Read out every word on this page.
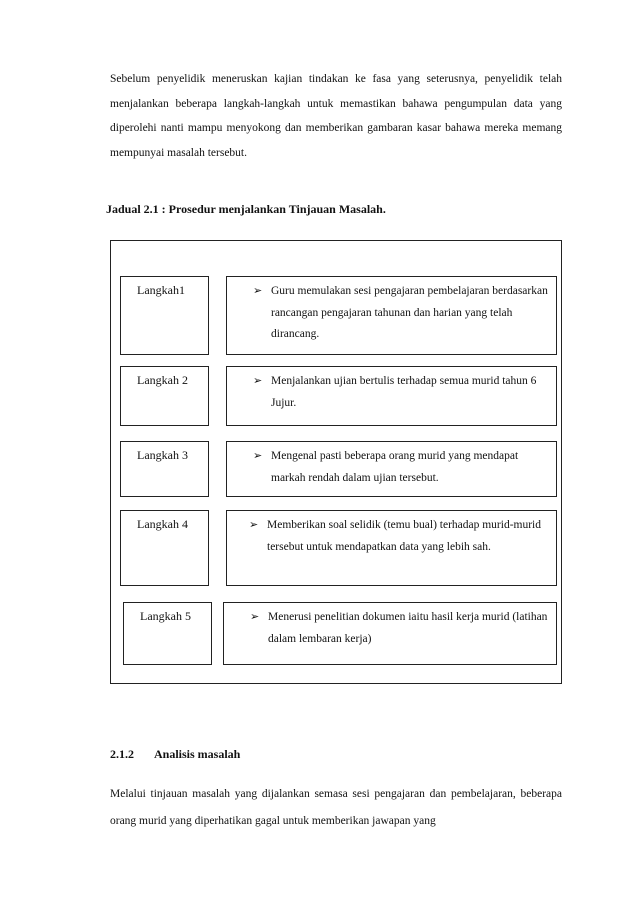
Sebelum penyelidik meneruskan kajian tindakan ke fasa yang seterusnya, penyelidik telah menjalankan beberapa langkah-langkah untuk memastikan bahawa pengumpulan data yang diperolehi nanti mampu menyokong dan memberikan gambaran kasar bahawa mereka memang mempunyai masalah tersebut.

Jadual 2.1 : Prosedur menjalankan Tinjauan Masalah.
Langkah1	➢ Guru memulakan sesi pengajaran pembelajaran berdasarkan rancangan pengajaran tahunan dan harian yang telah dirancang.
Langkah 2	➢ Menjalankan ujian bertulis terhadap semua murid tahun 6 Jujur.
Langkah 3	➢ Mengenal pasti beberapa orang murid yang mendapat markah rendah dalam ujian tersebut.
Langkah 4	➢ Memberikan soal selidik (temu bual) terhadap murid-murid tersebut untuk mendapatkan data yang lebih sah.
Langkah 5	➢ Menerusi penelitian dokumen iaitu hasil kerja murid (latihan dalam lembaran kerja)
2.1.2 Analisis masalah

Melalui tinjauan masalah yang dijalankan semasa sesi pengajaran dan pembelajaran, beberapa orang murid yang diperhatikan gagal untuk memberikan jawapan yang
